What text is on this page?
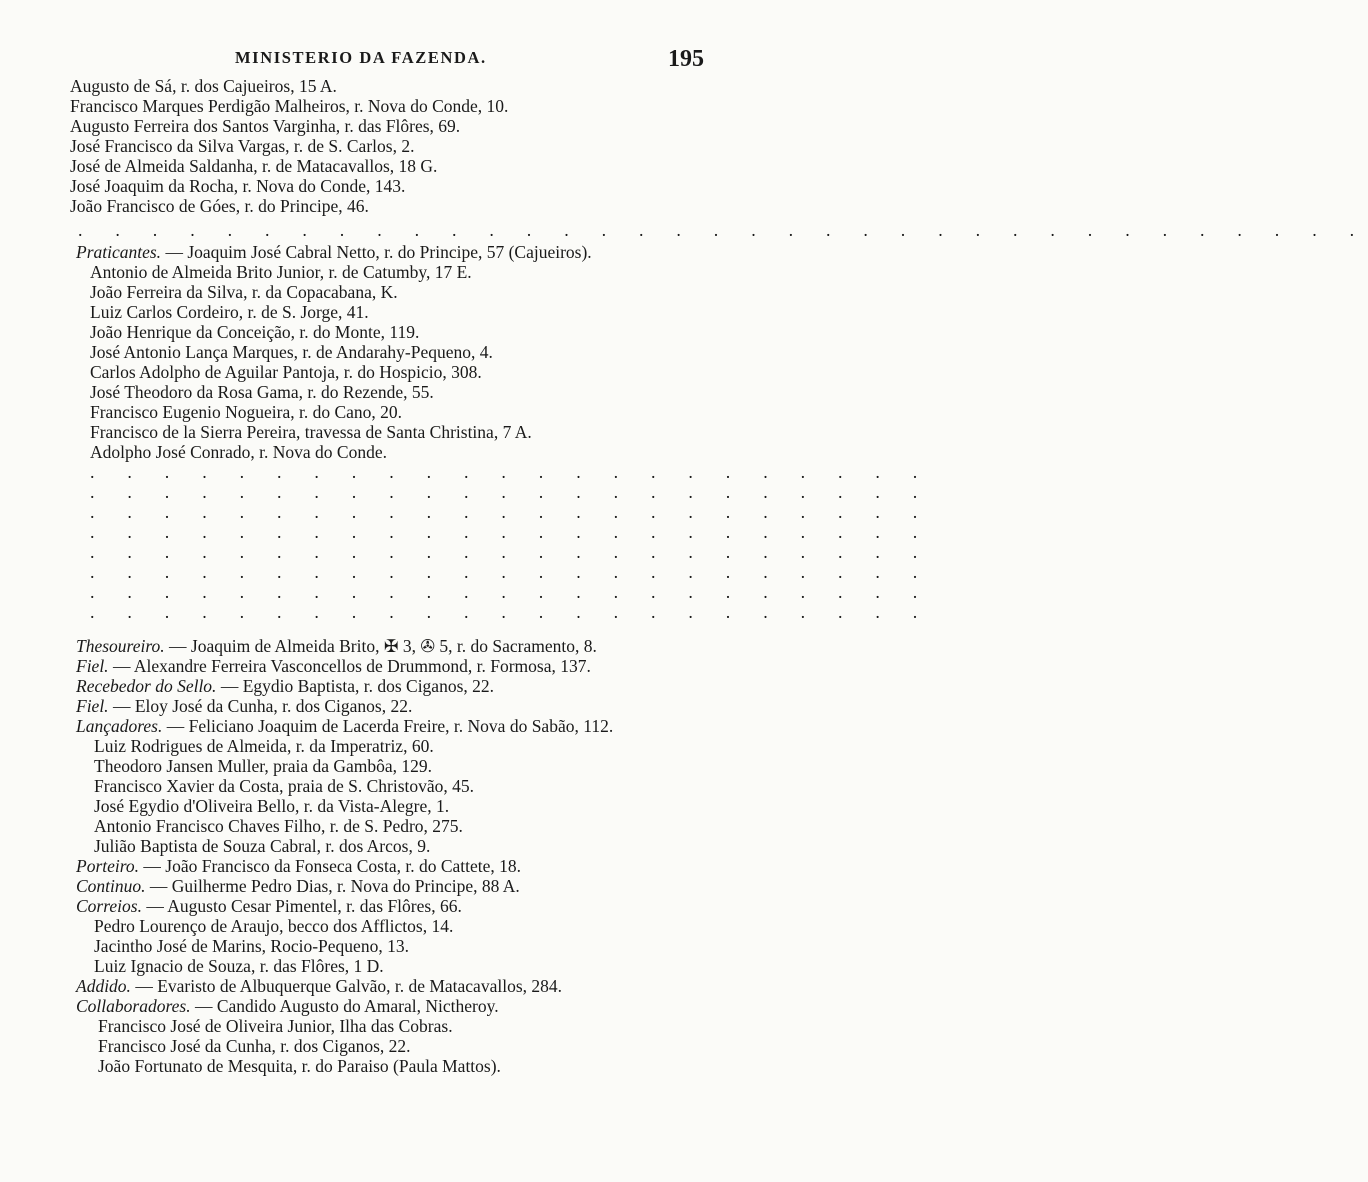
MINISTERIO DA FAZENDA.	195
Augusto de Sá, r. dos Cajueiros, 15 A.
Francisco Marques Perdigão Malheiros, r. Nova do Conde, 10.
Augusto Ferreira dos Santos Varginha, r. das Flôres, 69.
José Francisco da Silva Vargas, r. de S. Carlos, 2.
José de Almeida Saldanha, r. de Matacavallos, 18 G.
José Joaquim da Rocha, r. Nova do Conde, 143.
João Francisco de Góes, r. do Principe, 46.
. . . . . . . . . . . . . . . . . . . . . . . . . . . . . . . . . . .
Praticantes. — Joaquim José Cabral Netto, r. do Principe, 57 (Cajueiros).
Antonio de Almeida Brito Junior, r. de Catumby, 17 E.
João Ferreira da Silva, r. da Copacabana, K.
Luiz Carlos Cordeiro, r. de S. Jorge, 41.
João Henrique da Conceição, r. do Monte, 119.
José Antonio Lança Marques, r. de Andarahy-Pequeno, 4.
Carlos Adolpho de Aguilar Pantoja, r. do Hospicio, 308.
José Theodoro da Rosa Gama, r. do Rezende, 55.
Francisco Eugenio Nogueira, r. do Cano, 20.
Francisco de la Sierra Pereira, travessa de Santa Christina, 7 A.
Adolpho José Conrado, r. Nova do Conde.
. . . . . . . . . . . . . . . . . . . . . . .
. . . . . . . . . . . . . . . . . . . . . . .
. . . . . . . . . . . . . . . . . . . . . . .
. . . . . . . . . . . . . . . . . . . . . . .
. . . . . . . . . . . . . . . . . . . . . . .
. . . . . . . . . . . . . . . . . . . . . . .
. . . . . . . . . . . . . . . . . . . . . . .
. . . . . . . . . . . . . . . . . . . . . . .
Thesoureiro. — Joaquim de Almeida Brito, ✠ 3, ✇ 5, r. do Sacramento, 8.
Fiel. — Alexandre Ferreira Vasconcellos de Drummond, r. Formosa, 137.
Recebedor do Sello. — Egydio Baptista, r. dos Ciganos, 22.
Fiel. — Eloy José da Cunha, r. dos Ciganos, 22.
Lançadores. — Feliciano Joaquim de Lacerda Freire, r. Nova do Sabão, 112.
Luiz Rodrigues de Almeida, r. da Imperatriz, 60.
Theodoro Jansen Muller, praia da Gambôa, 129.
Francisco Xavier da Costa, praia de S. Christovão, 45.
José Egydio d'Oliveira Bello, r. da Vista-Alegre, 1.
Antonio Francisco Chaves Filho, r. de S. Pedro, 275.
Julião Baptista de Souza Cabral, r. dos Arcos, 9.
Porteiro. — João Francisco da Fonseca Costa, r. do Cattete, 18.
Continuo. — Guilherme Pedro Dias, r. Nova do Principe, 88 A.
Correios. — Augusto Cesar Pimentel, r. das Flôres, 66.
Pedro Lourenço de Araujo, becco dos Afflictos, 14.
Jacintho José de Marins, Rocio-Pequeno, 13.
Luiz Ignacio de Souza, r. das Flôres, 1 D.
Addido. — Evaristo de Albuquerque Galvão, r. de Matacavallos, 284.
Collaboradores. — Candido Augusto do Amaral, Nictheroy.
Francisco José de Oliveira Junior, Ilha das Cobras.
Francisco José da Cunha, r. dos Ciganos, 22.
João Fortunato de Mesquita, r. do Paraiso (Paula Mattos).
